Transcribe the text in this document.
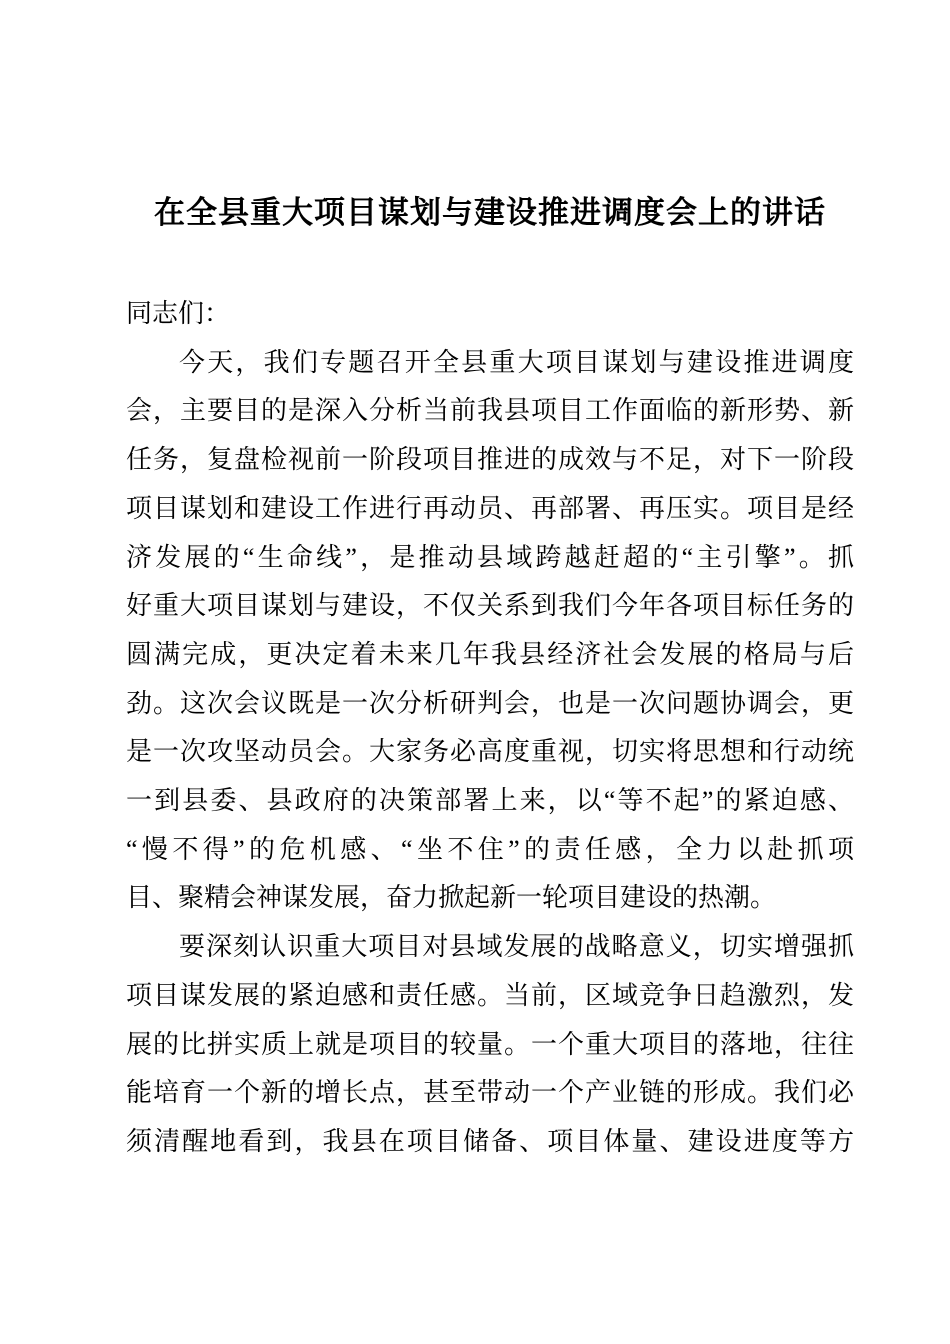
在全县重大项目谋划与建设推进调度会上的讲话
同志们：
今天，我们专题召开全县重大项目谋划与建设推进调度
会，主要目的是深入分析当前我县项目工作面临的新形势、新
任务，复盘检视前一阶段项目推进的成效与不足，对下一阶段
项目谋划和建设工作进行再动员、再部署、再压实。项目是经
济发展的“生命线”，是推动县域跨越赶超的“主引擎”。抓
好重大项目谋划与建设，不仅关系到我们今年各项目标任务的
圆满完成，更决定着未来几年我县经济社会发展的格局与后
劲。这次会议既是一次分析研判会，也是一次问题协调会，更
是一次攻坚动员会。大家务必高度重视，切实将思想和行动统
一到县委、县政府的决策部署上来，以“等不起”的紧迫感、
“慢不得”的危机感、“坐不住”的责任感，全力以赴抓项
目、聚精会神谋发展，奋力掀起新一轮项目建设的热潮。
要深刻认识重大项目对县域发展的战略意义，切实增强抓
项目谋发展的紧迫感和责任感。当前，区域竞争日趋激烈，发
展的比拼实质上就是项目的较量。一个重大项目的落地，往往
能培育一个新的增长点，甚至带动一个产业链的形成。我们必
须清醒地看到，我县在项目储备、项目体量、建设进度等方
